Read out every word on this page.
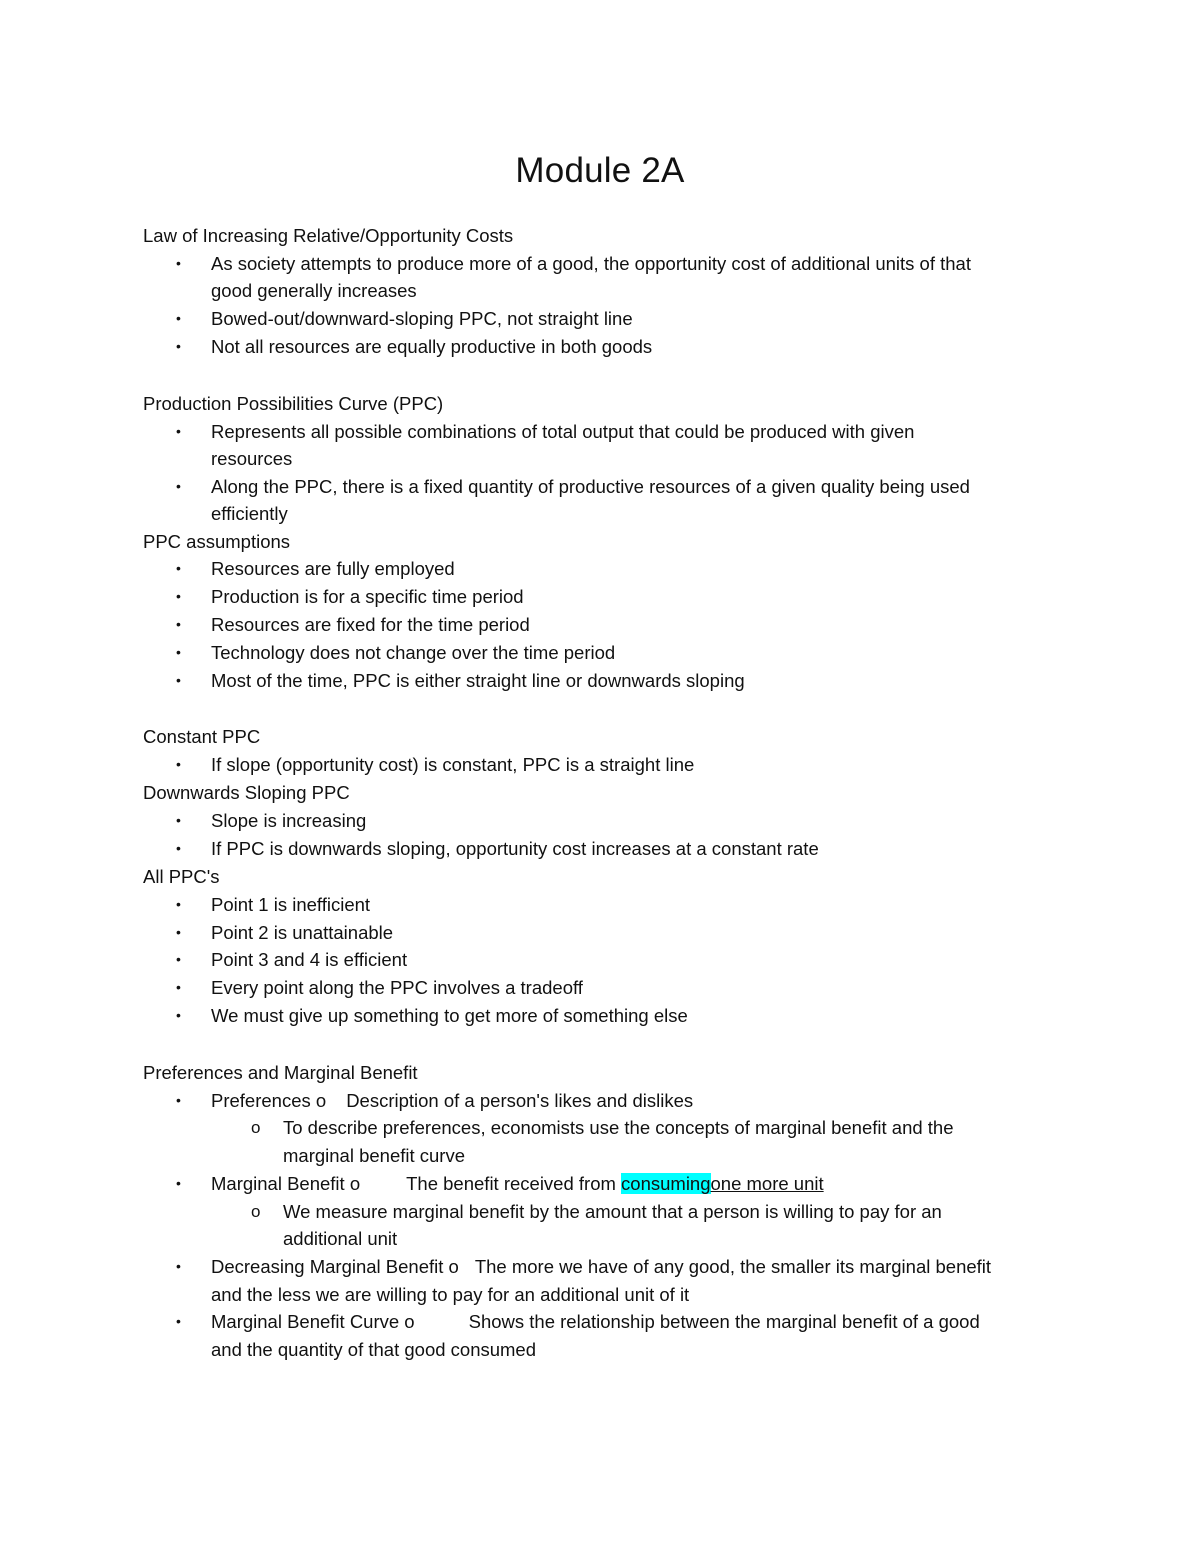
Module 2A
Law of Increasing Relative/Opportunity Costs
• As society attempts to produce more of a good, the opportunity cost of additional units of that
good generally increases
• Bowed-out/downward-sloping PPC, not straight line
• Not all resources are equally productive in both goods
Production Possibilities Curve (PPC)
• Represents all possible combinations of total output that could be produced with given
resources
• Along the PPC, there is a fixed quantity of productive resources of a given quality being used
efficiently
PPC assumptions
• Resources are fully employed
• Production is for a specific time period
• Resources are fixed for the time period
• Technology does not change over the time period
• Most of the time, PPC is either straight line or downwards sloping
Constant PPC
• If slope (opportunity cost) is constant, PPC is a straight line
Downwards Sloping PPC
• Slope is increasing
• If PPC is downwards sloping, opportunity cost increases at a constant rate
All PPC's
• Point 1 is inefficient
• Point 2 is unattainable
• Point 3 and 4 is efficient
• Every point along the PPC involves a tradeoff
• We must give up something to get more of something else
Preferences and Marginal Benefit
• Preferences o Description of a person's likes and dislikes
o To describe preferences, economists use the concepts of marginal benefit and the
marginal benefit curve
• Marginal Benefit o The benefit received from consumingone more unit
o We measure marginal benefit by the amount that a person is willing to pay for an
additional unit
• Decreasing Marginal Benefit o The more we have of any good, the smaller its marginal benefit
and the less we are willing to pay for an additional unit of it
• Marginal Benefit Curve o	Shows the relationship between the marginal benefit of a good
and the quantity of that good consumed
